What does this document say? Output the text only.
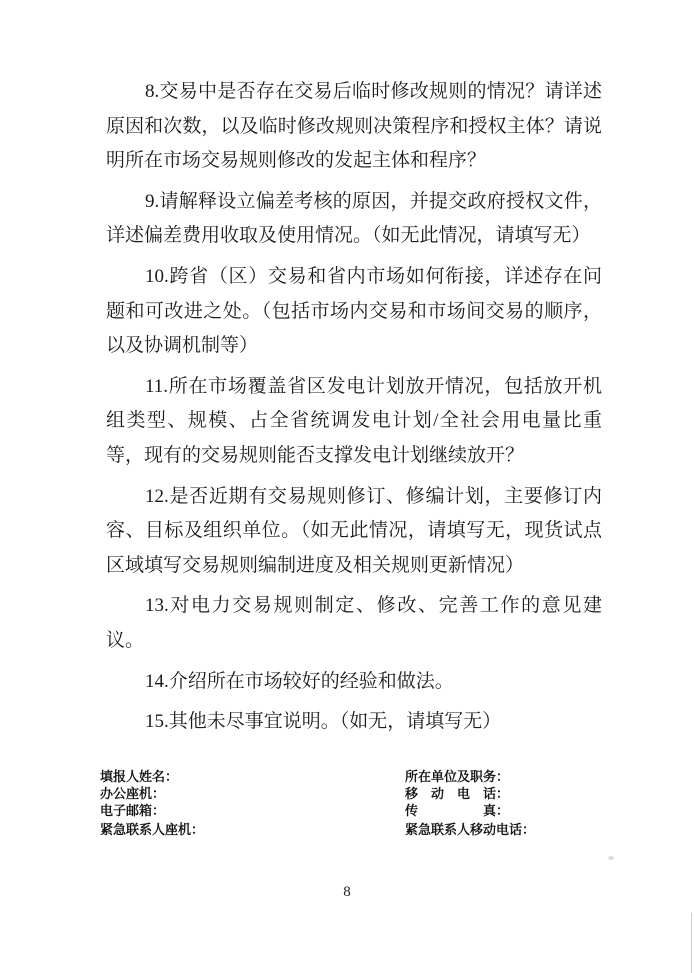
8.交易中是否存在交易后临时修改规则的情况？请详述原因和次数，以及临时修改规则决策程序和授权主体？请说明所在市场交易规则修改的发起主体和程序？

9.请解释设立偏差考核的原因，并提交政府授权文件，详述偏差费用收取及使用情况。（如无此情况，请填写无）

10.跨省（区）交易和省内市场如何衔接，详述存在问题和可改进之处。（包括市场内交易和市场间交易的顺序，以及协调机制等）

11.所在市场覆盖省区发电计划放开情况，包括放开机组类型、规模、占全省统调发电计划/全社会用电量比重等，现有的交易规则能否支撑发电计划继续放开？

12.是否近期有交易规则修订、修编计划，主要修订内容、目标及组织单位。（如无此情况，请填写无，现货试点区域填写交易规则编制进度及相关规则更新情况）

13.对电力交易规则制定、修改、完善工作的意见建议。

14.介绍所在市场较好的经验和做法。

15.其他未尽事宜说明。（如无，请填写无）

填报人姓名：
办公座机：
电子邮箱：
紧急联系人座机：
所在单位及职务：
移　动　电　话：
传　　　　　真：
紧急联系人移动电话：
8
